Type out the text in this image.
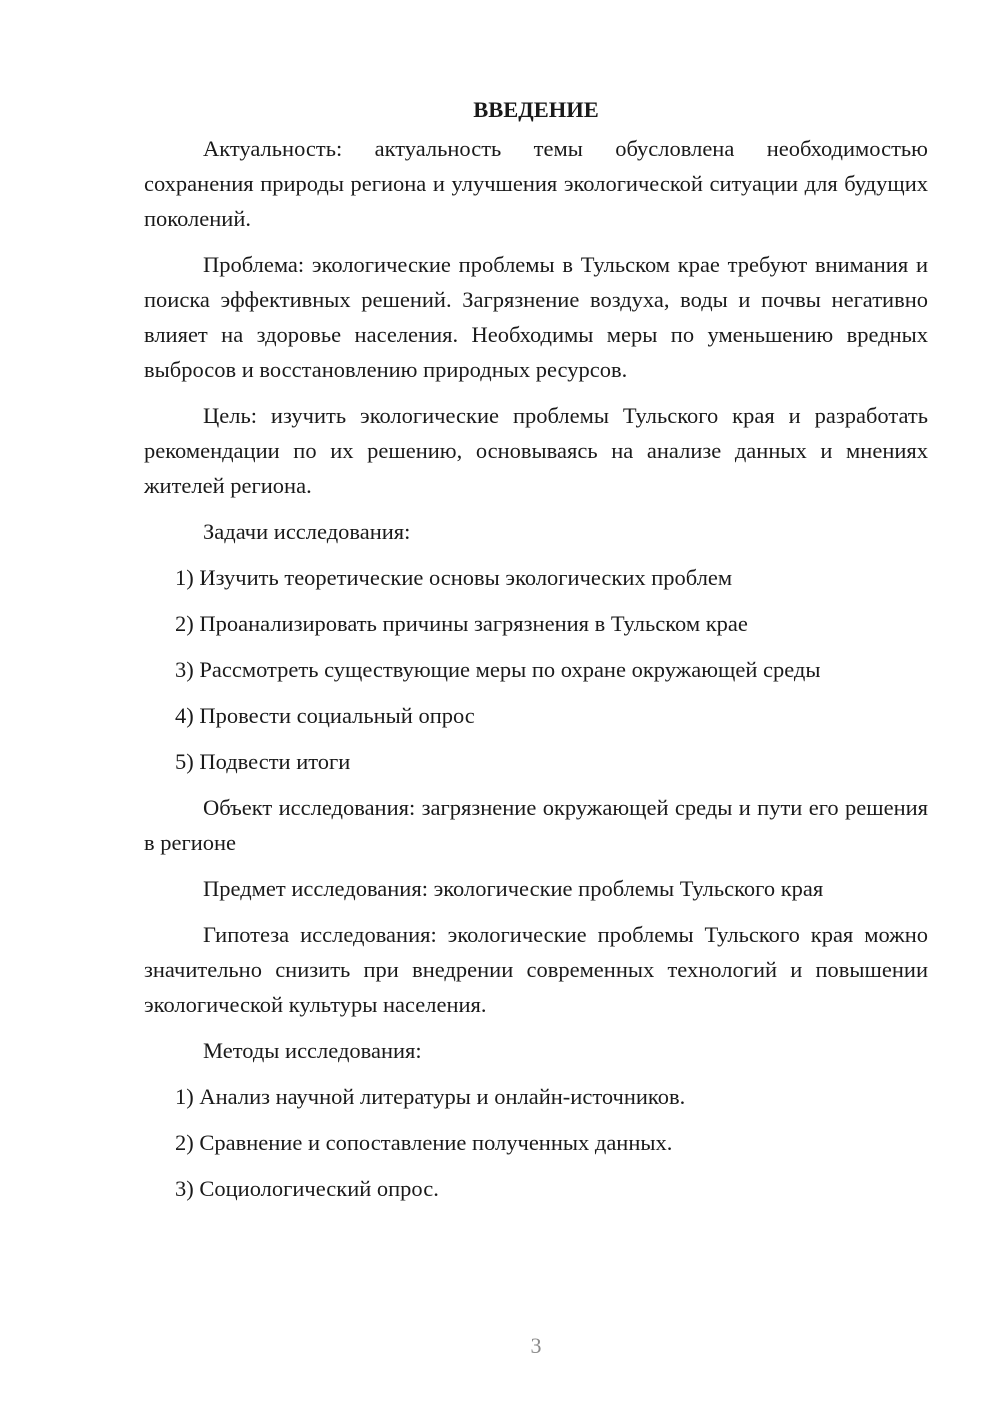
ВВЕДЕНИЕ
Актуальность: актуальность темы обусловлена необходимостью сохранения природы региона и улучшения экологической ситуации для будущих поколений.
Проблема: экологические проблемы в Тульском крае требуют внимания и поиска эффективных решений. Загрязнение воздуха, воды и почвы негативно влияет на здоровье населения. Необходимы меры по уменьшению вредных выбросов и восстановлению природных ресурсов.
Цель: изучить экологические проблемы Тульского края и разработать рекомендации по их решению, основываясь на анализе данных и мнениях жителей региона.
Задачи исследования:
1) Изучить теоретические основы экологических проблем
2) Проанализировать причины загрязнения в Тульском крае
3) Рассмотреть существующие меры по охране окружающей среды
4) Провести социальный опрос
5) Подвести итоги
Объект исследования: загрязнение окружающей среды и пути его решения в регионе
Предмет исследования: экологические проблемы Тульского края
Гипотеза исследования: экологические проблемы Тульского края можно значительно снизить при внедрении современных технологий и повышении экологической культуры населения.
Методы исследования:
1) Анализ научной литературы и онлайн-источников.
2) Сравнение и сопоставление полученных данных.
3) Социологический опрос.
3
